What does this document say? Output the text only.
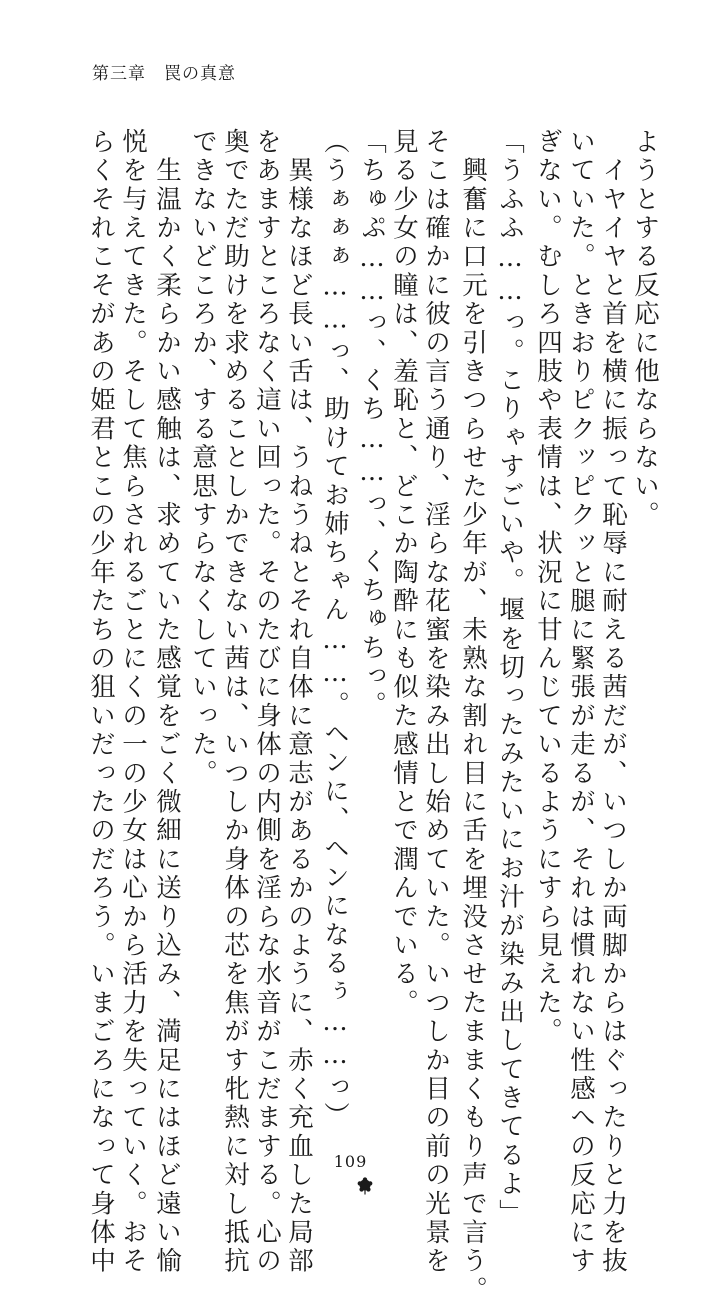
第三章　罠の真意
ようとする反応に他ならない。
　イヤイヤと首を横に振って恥辱に耐える茜だが、いつしか両脚からはぐったりと力を抜
いていた。ときおりピクッピクッと腿に緊張が走るが、それは慣れない性感への反応にす
ぎない。むしろ四肢や表情は、状況に甘んじているようにすら見えた。
「うふふ……っ。こりゃすごいや。堰を切ったみたいにお汁が染み出してきてるよ」
　興奮に口元を引きつらせた少年が、未熟な割れ目に舌を埋没させたままくもり声で言う。
そこは確かに彼の言う通り、淫らな花蜜を染み出し始めていた。いつしか目の前の光景を
見る少女の瞳は、羞恥と、どこか陶酔にも似た感情とで潤んでいる。
「ちゅぷ……っ、くち……っ、くちゅちっ。
（うぁぁぁ……っ、助けてお姉ちゃん……。ヘンに、ヘンになるぅ……っ）
　異様なほど長い舌は、うねうねとそれ自体に意志があるかのように、赤く充血した局部
をあますところなく這い回った。そのたびに身体の内側を淫らな水音がこだまする。心の
奥でただ助けを求めることしかできない茜は、いつしか身体の芯を焦がす牝熱に対し抵抗
できないどころか、する意思すらなくしていった。
　生温かく柔らかい感触は、求めていた感覚をごく微細に送り込み、満足にはほど遠い愉
悦を与えてきた。そして焦らされるごとにくの一の少女は心から活力を失っていく。おそ
らくそれこそがあの姫君とこの少年たちの狙いだったのだろう。いまごろになって身体中	109
